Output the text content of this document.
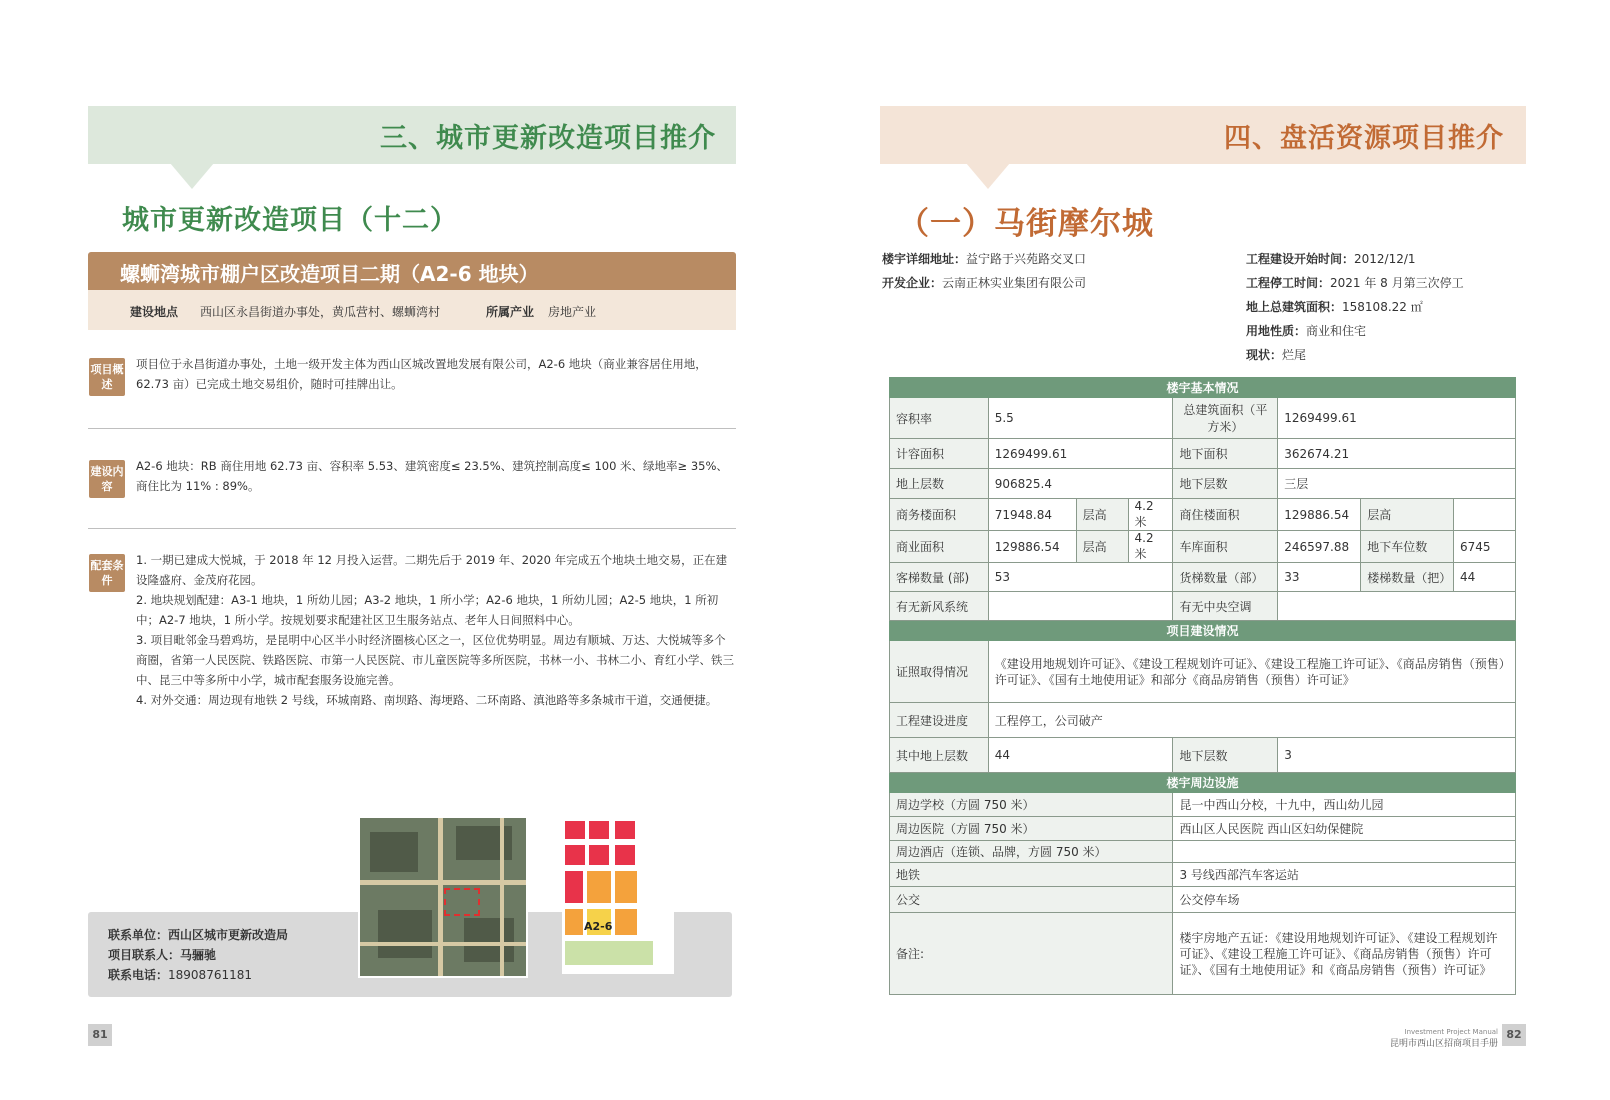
三、城市更新改造项目推介
城市更新改造项目（十二）
螺蛳湾城市棚户区改造项目二期（A2-6 地块）
建设地点 西山区永昌街道办事处，黄瓜营村、螺蛳湾村	所属产业 房地产业
项目概述
项目位于永昌街道办事处，土地一级开发主体为西山区城改置地发展有限公司，A2-6 地块（商业兼容居住用地，62.73 亩）已完成土地交易组价，随时可挂牌出让。
建设内容
A2-6 地块：RB 商住用地 62.73 亩、容积率 5.53、建筑密度≤ 23.5%、建筑控制高度≤ 100 米、绿地率≥ 35%、商住比为 11% : 89%。
配套条件
1. 一期已建成大悦城，于 2018 年 12 月投入运营。二期先后于 2019 年、2020 年完成五个地块土地交易，正在建设隆盛府、金茂府花园。
2. 地块规划配建：A3-1 地块，1 所幼儿园；A3-2 地块，1 所小学；A2-6 地块，1 所幼儿园；A2-5 地块，1 所初中；A2-7 地块，1 所小学。按规划要求配建社区卫生服务站点、老年人日间照料中心。
3. 项目毗邻金马碧鸡坊，是昆明中心区半小时经济圈核心区之一，区位优势明显。周边有顺城、万达、大悦城等多个商圈，省第一人民医院、铁路医院、市第一人民医院、市儿童医院等多所医院，书林一小、书林二小、育红小学、铁三中、昆三中等多所中小学，城市配套服务设施完善。
4. 对外交通：周边现有地铁 2 号线，环城南路、南坝路、海埂路、二环南路、滇池路等多条城市干道，交通便捷。
联系单位：西山区城市更新改造局
项目联系人：马骊驰
联系电话：18908761181
A2-6
81
四、盘活资源项目推介
（一）马街摩尔城
楼宇详细地址：益宁路于兴苑路交叉口
开发企业：云南正林实业集团有限公司
工程建设开始时间：2012/12/1
工程停工时间：2021 年 8 月第三次停工
地上总建筑面积：158108.22 ㎡
用地性质：商业和住宅
现状：烂尾
楼宇基本情况							
容积率	5.5			总建筑面积（平方米）	1269499.61		
计容面积	1269499.61			地下面积	362674.21		
地上层数	906825.4			地下层数	三层		
商务楼面积	71948.84	层高	4.2 米	商住楼面积	129886.54	层高	
商业面积	129886.54	层高	4.2 米	车库面积	246597.88	地下车位数	6745
客梯数量 (部)	53			货梯数量（部）	33	楼梯数量（把）	44
有无新风系统				有无中央空调			
项目建设情况							
证照取得情况	《建设用地规划许可证》、《建设工程规划许可证》、《建设工程施工许可证》、《商品房销售（预售）许可证》、《国有土地使用证》和部分《商品房销售（预售）许可证》						
工程建设进度	工程停工，公司破产						
其中地上层数	44			地下层数	3		
楼宇周边设施							
周边学校（方圆 750 米）				昆一中西山分校，十九中，西山幼儿园			
周边医院（方圆 750 米）				西山区人民医院 西山区妇幼保健院			
周边酒店（连锁、品牌，方圆 750 米）							
地铁				3 号线西部汽车客运站			
公交				公交停车场			
备注:				楼宇房地产五证：《建设用地规划许可证》、《建设工程规划许可证》、《建设工程施工许可证》、《商品房销售（预售）许可证》、《国有土地使用证》和《商品房销售（预售）许可证》			
Investment Project Manual
昆明市西山区招商项目手册
82
